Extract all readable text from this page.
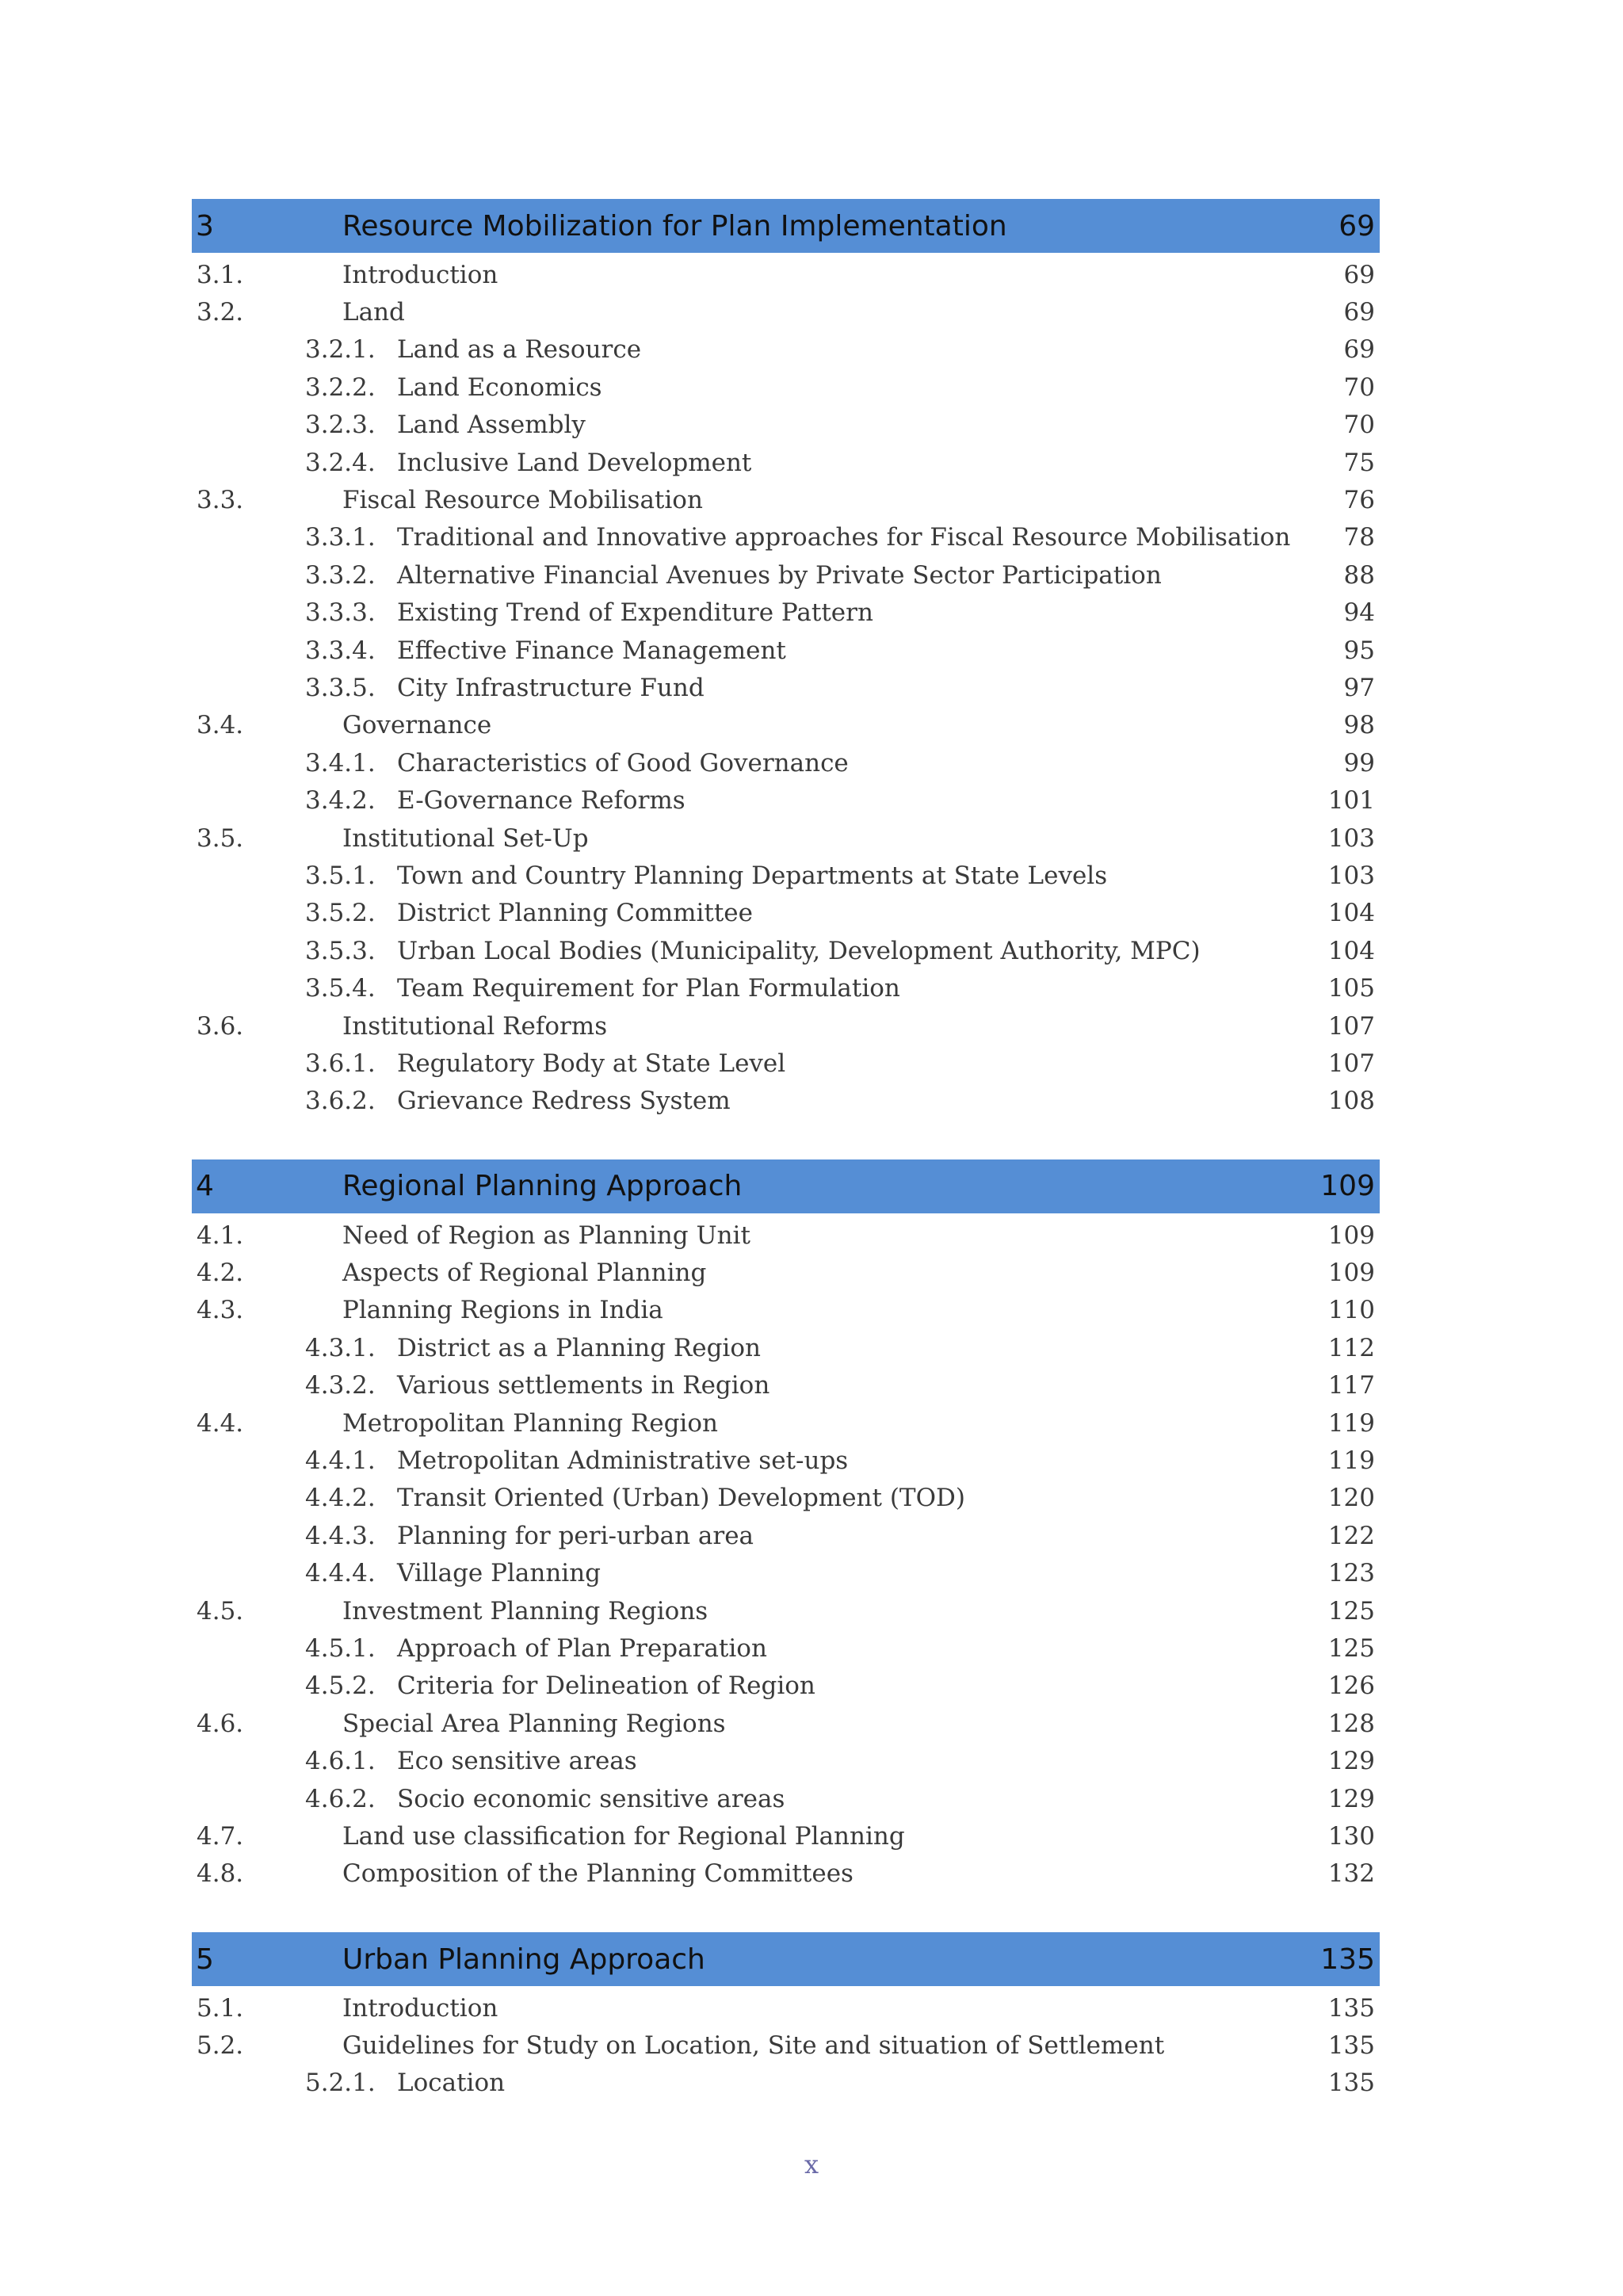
3	Resource Mobilization for Plan Implementation	69
3.1.	Introduction	69
3.2.	Land	69
3.2.1. Land as a Resource	69
3.2.2. Land Economics	70
3.2.3. Land Assembly	70
3.2.4. Inclusive Land Development	75
3.3.	Fiscal Resource Mobilisation	76
3.3.1. Traditional and Innovative approaches for Fiscal Resource Mobilisation	78
3.3.2. Alternative Financial Avenues by Private Sector Participation	88
3.3.3. Existing Trend of Expenditure Pattern	94
3.3.4. Effective Finance Management	95
3.3.5. City Infrastructure Fund	97
3.4.	Governance	98
3.4.1. Characteristics of Good Governance	99
3.4.2. E-Governance Reforms	101
3.5.	Institutional Set-Up	103
3.5.1. Town and Country Planning Departments at State Levels	103
3.5.2. District Planning Committee	104
3.5.3. Urban Local Bodies (Municipality, Development Authority, MPC)	104
3.5.4. Team Requirement for Plan Formulation	105
3.6.	Institutional Reforms	107
3.6.1. Regulatory Body at State Level	107
3.6.2. Grievance Redress System	108
4	Regional Planning Approach	109
4.1.	Need of Region as Planning Unit	109
4.2.	Aspects of Regional Planning	109
4.3.	Planning Regions in India	110
4.3.1. District as a Planning Region	112
4.3.2. Various settlements in Region	117
4.4.	Metropolitan Planning Region	119
4.4.1. Metropolitan Administrative set-ups	119
4.4.2. Transit Oriented (Urban) Development (TOD)	120
4.4.3. Planning for peri-urban area	122
4.4.4. Village Planning	123
4.5.	Investment Planning Regions	125
4.5.1. Approach of Plan Preparation	125
4.5.2. Criteria for Delineation of Region	126
4.6.	Special Area Planning Regions	128
4.6.1. Eco sensitive areas	129
4.6.2. Socio economic sensitive areas	129
4.7.	Land use classification for Regional Planning	130
4.8.	Composition of the Planning Committees	132
5	Urban Planning Approach	135
5.1.	Introduction	135
5.2.	Guidelines for Study on Location, Site and situation of Settlement	135
5.2.1. Location	135
x
